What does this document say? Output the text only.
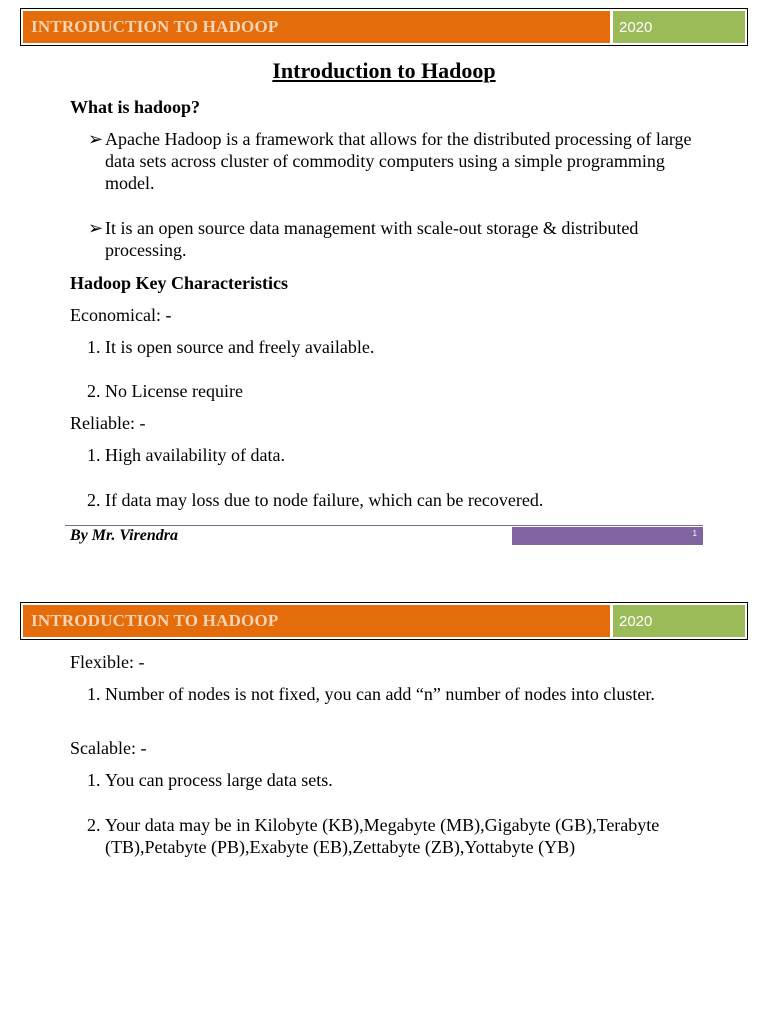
INTRODUCTION TO HADOOP	2020
Introduction to Hadoop
What is hadoop?
➢ Apache Hadoop is a framework that allows for the distributed processing of large data sets across cluster of commodity computers using a simple programming model.
➢ It is an open source data management with scale-out storage & distributed processing.
Hadoop Key Characteristics
Economical: -
1. It is open source and freely available.
2. No License require
Reliable: -
1. High availability of data.
2. If data may loss due to node failure, which can be recovered.
By Mr. Virendra	1
INTRODUCTION TO HADOOP	2020
Flexible: -
1. Number of nodes is not fixed, you can add “n” number of nodes into cluster.
Scalable: -
1. You can process large data sets.
2. Your data may be in Kilobyte (KB),Megabyte (MB),Gigabyte (GB),Terabyte (TB),Petabyte (PB),Exabyte (EB),Zettabyte (ZB),Yottabyte (YB)
